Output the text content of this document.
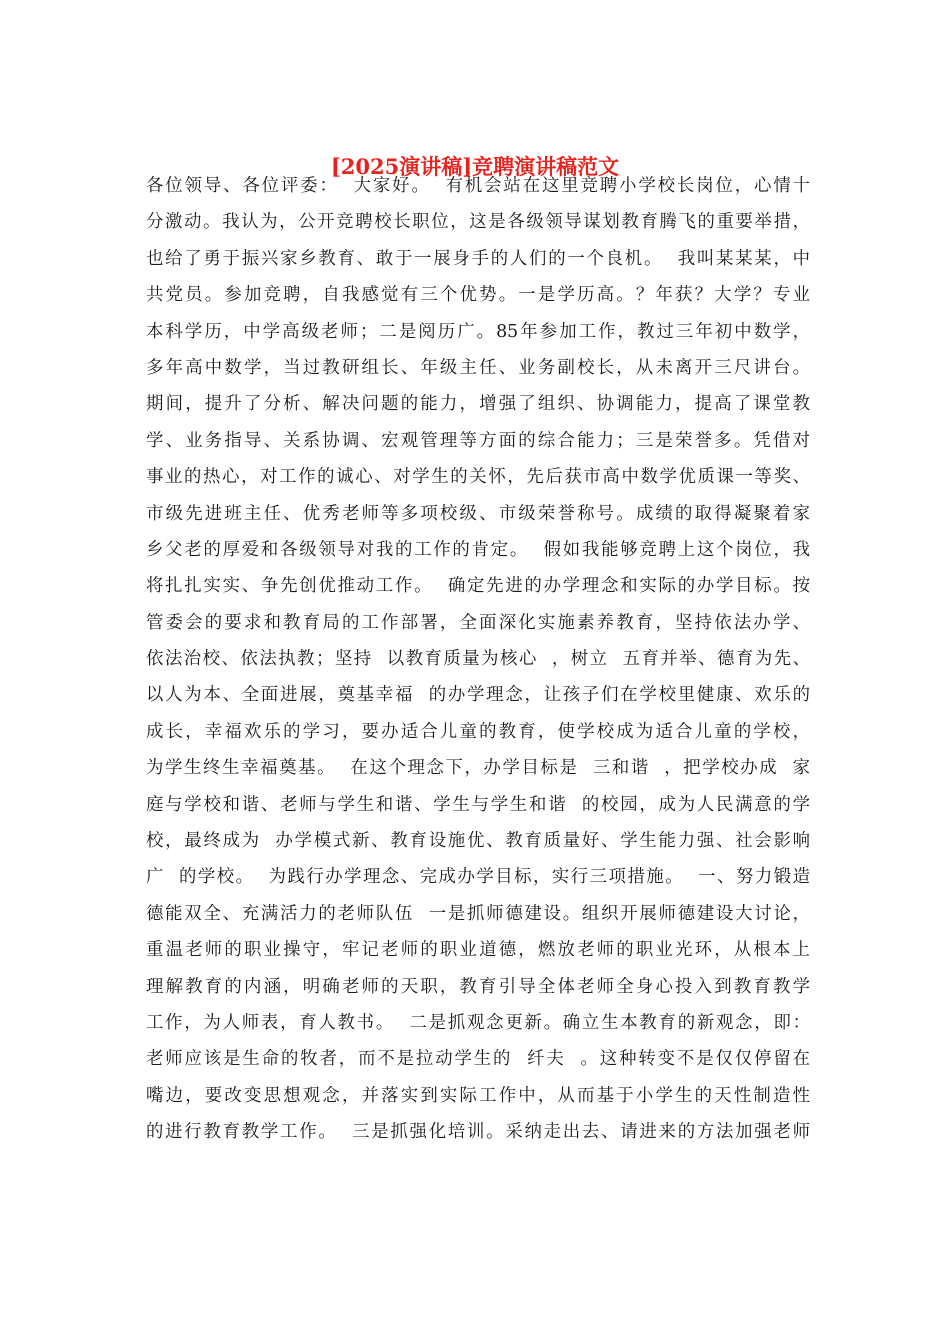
[2025演讲稿]竞聘演讲稿范文
各位领导、各位评委：  大家好。  有机会站在这里竞聘小学校长岗位，心情十
分激动。我认为，公开竞聘校长职位，这是各级领导谋划教育腾飞的重要举措，
也给了勇于振兴家乡教育、敢于一展身手的人们的一个良机。  我叫某某某，中
共党员。参加竞聘，自我感觉有三个优势。一是学历高。？年获？大学？专业
本科学历，中学高级老师；二是阅历广。85年参加工作，教过三年初中数学，
多年高中数学，当过教研组长、年级主任、业务副校长，从未离开三尺讲台。
期间，提升了分析、解决问题的能力，增强了组织、协调能力，提高了课堂教
学、业务指导、关系协调、宏观管理等方面的综合能力；三是荣誉多。凭借对
事业的热心，对工作的诚心、对学生的关怀，先后获市高中数学优质课一等奖、
市级先进班主任、优秀老师等多项校级、市级荣誉称号。成绩的取得凝聚着家
乡父老的厚爱和各级领导对我的工作的肯定。  假如我能够竞聘上这个岗位，我
将扎扎实实、争先创优推动工作。  确定先进的办学理念和实际的办学目标。按
管委会的要求和教育局的工作部署，全面深化实施素养教育，坚持依法办学、
依法治校、依法执教；坚持  以教育质量为核心  ，树立  五育并举、德育为先、
以人为本、全面进展，奠基幸福  的办学理念，让孩子们在学校里健康、欢乐的
成长，幸福欢乐的学习，要办适合儿童的教育，使学校成为适合儿童的学校，
为学生终生幸福奠基。  在这个理念下，办学目标是  三和谐  ，把学校办成  家
庭与学校和谐、老师与学生和谐、学生与学生和谐  的校园，成为人民满意的学
校，最终成为  办学模式新、教育设施优、教育质量好、学生能力强、社会影响
广  的学校。  为践行办学理念、完成办学目标，实行三项措施。  一、努力锻造
德能双全、充满活力的老师队伍  一是抓师德建设。组织开展师德建设大讨论，
重温老师的职业操守，牢记老师的职业道德，燃放老师的职业光环，从根本上
理解教育的内涵，明确老师的天职，教育引导全体老师全身心投入到教育教学
工作，为人师表，育人教书。  二是抓观念更新。确立生本教育的新观念，即：
老师应该是生命的牧者，而不是拉动学生的  纤夫  。这种转变不是仅仅停留在
嘴边，要改变思想观念，并落实到实际工作中，从而基于小学生的天性制造性
的进行教育教学工作。  三是抓强化培训。采纳走出去、请进来的方法加强老师
